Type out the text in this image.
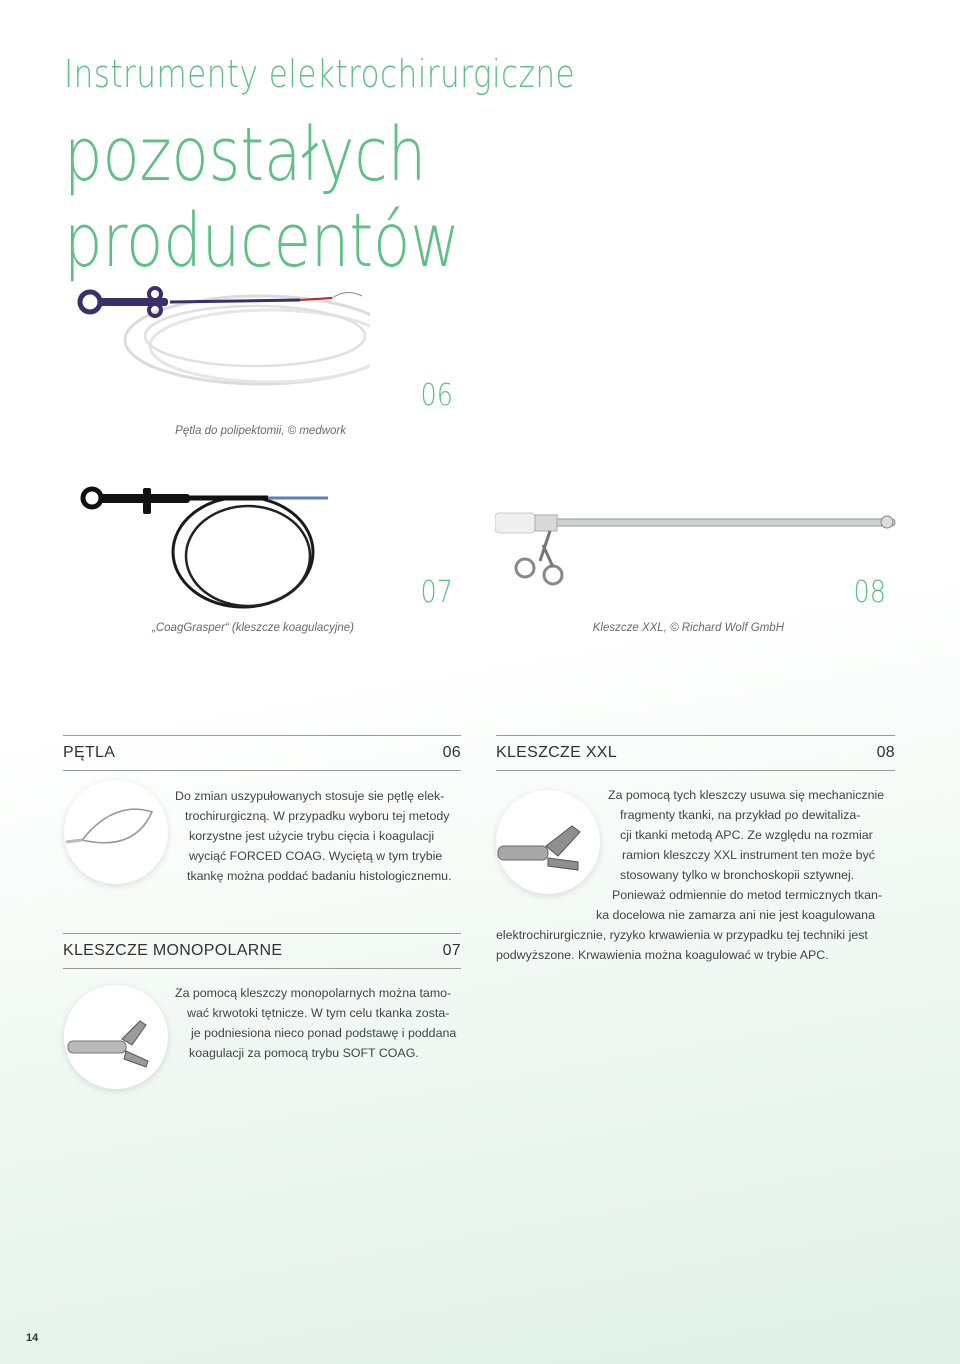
Instrumenty elektrochirurgiczne
pozostałych producentów
06
Pętla do polipektomii, © medwork
07
„CoagGrasper“ (kleszcze koagulacyjne)
08
Kleszcze XXL, © Richard Wolf GmbH
PĘTLA	06
Do zmian uszypułowanych stosuje sie pętlę elek-
trochirurgiczną. W przypadku wyboru tej metody
korzystne jest użycie trybu cięcia i koagulacji
wyciąć FORCED COAG. Wyciętą w tym trybie
tkankę można poddać badaniu histologicznemu.
KLESZCZE MONOPOLARNE	07
Za pomocą kleszczy monopolarnych można tamo-
wać krwotoki tętnicze. W tym celu tkanka zosta-
je podniesiona nieco ponad podstawę i poddana
koagulacji za pomocą trybu SOFT COAG.
KLESZCZE XXL	08
Za pomocą tych kleszczy usuwa się mechanicznie
fragmenty tkanki, na przykład po dewitaliza-
cji tkanki metodą APC. Ze względu na rozmiar
ramion kleszczy XXL instrument ten może być
stosowany tylko w bronchoskopii sztywnej.
Ponieważ odmiennie do metod termicznych tkan-
ka docelowa nie zamarza ani nie jest koagulowana
elektrochirurgicznie, ryzyko krwawienia w przypadku tej techniki jest
podwyższone. Krwawienia można koagulować w trybie APC.
14
